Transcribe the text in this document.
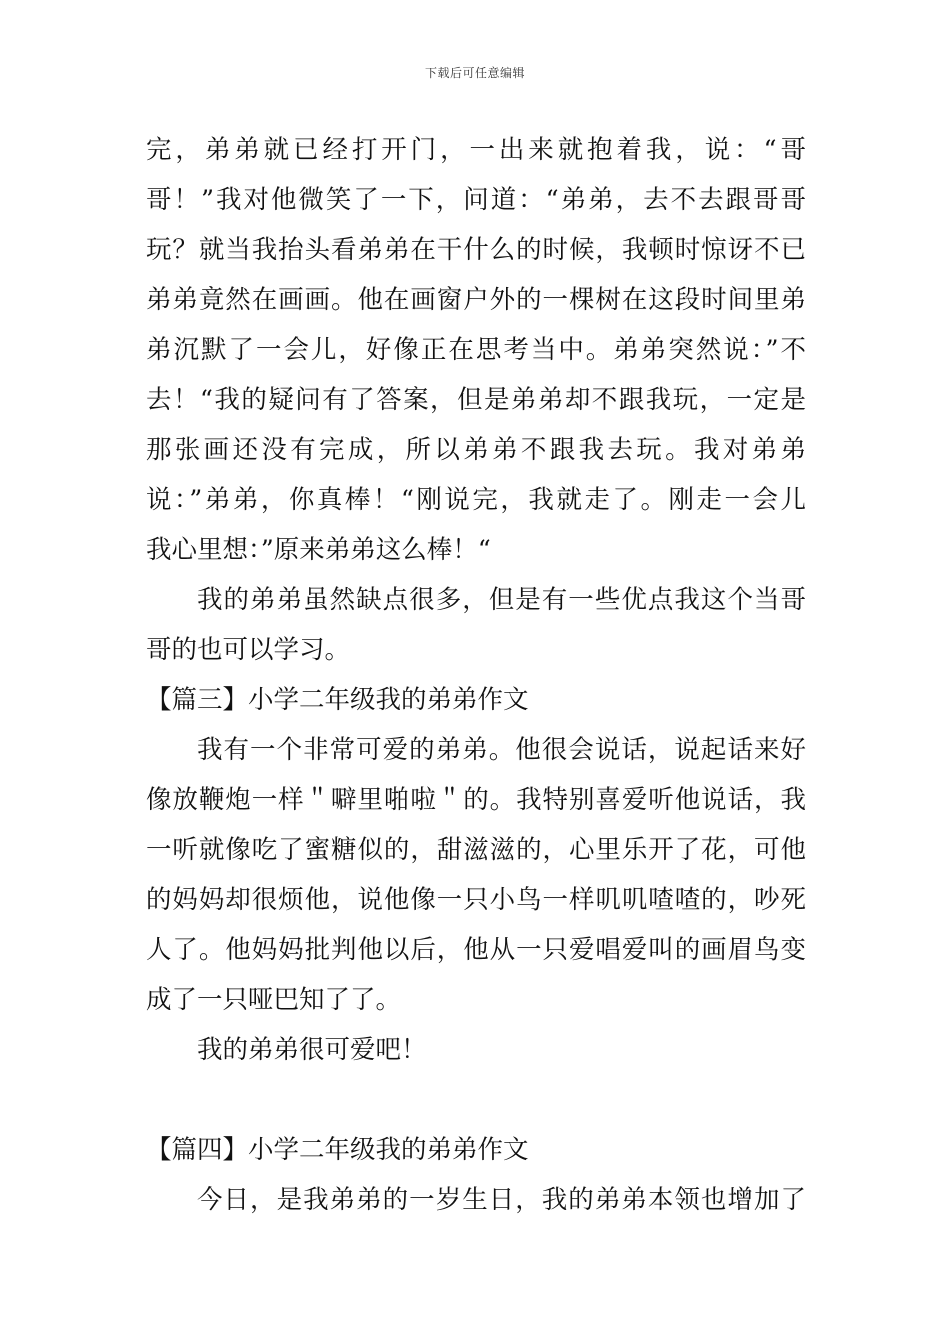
下载后可任意编辑
完，弟弟就已经打开门，一出来就抱着我，说：“哥
哥！”我对他微笑了一下，问道：“弟弟，去不去跟哥哥
玩？就当我抬头看弟弟在干什么的时候，我顿时惊讶不已
弟弟竟然在画画。他在画窗户外的一棵树在这段时间里弟
弟沉默了一会儿，好像正在思考当中。弟弟突然说：”不
去！“我的疑问有了答案，但是弟弟却不跟我玩，一定是
那张画还没有完成，所以弟弟不跟我去玩。我对弟弟
说：”弟弟，你真棒！“刚说完，我就走了。刚走一会儿
我心里想：”原来弟弟这么棒！“
我的弟弟虽然缺点很多，但是有一些优点我这个当哥
哥的也可以学习。
【篇三】小学二年级我的弟弟作文
我有一个非常可爱的弟弟。他很会说话，说起话来好
像放鞭炮一样＂噼里啪啦＂的。我特别喜爱听他说话，我
一听就像吃了蜜糖似的，甜滋滋的，心里乐开了花，可他
的妈妈却很烦他，说他像一只小鸟一样叽叽喳喳的，吵死
人了。他妈妈批判他以后，他从一只爱唱爱叫的画眉鸟变
成了一只哑巴知了了。
我的弟弟很可爱吧！
【篇四】小学二年级我的弟弟作文
今日，是我弟弟的一岁生日，我的弟弟本领也增加了
